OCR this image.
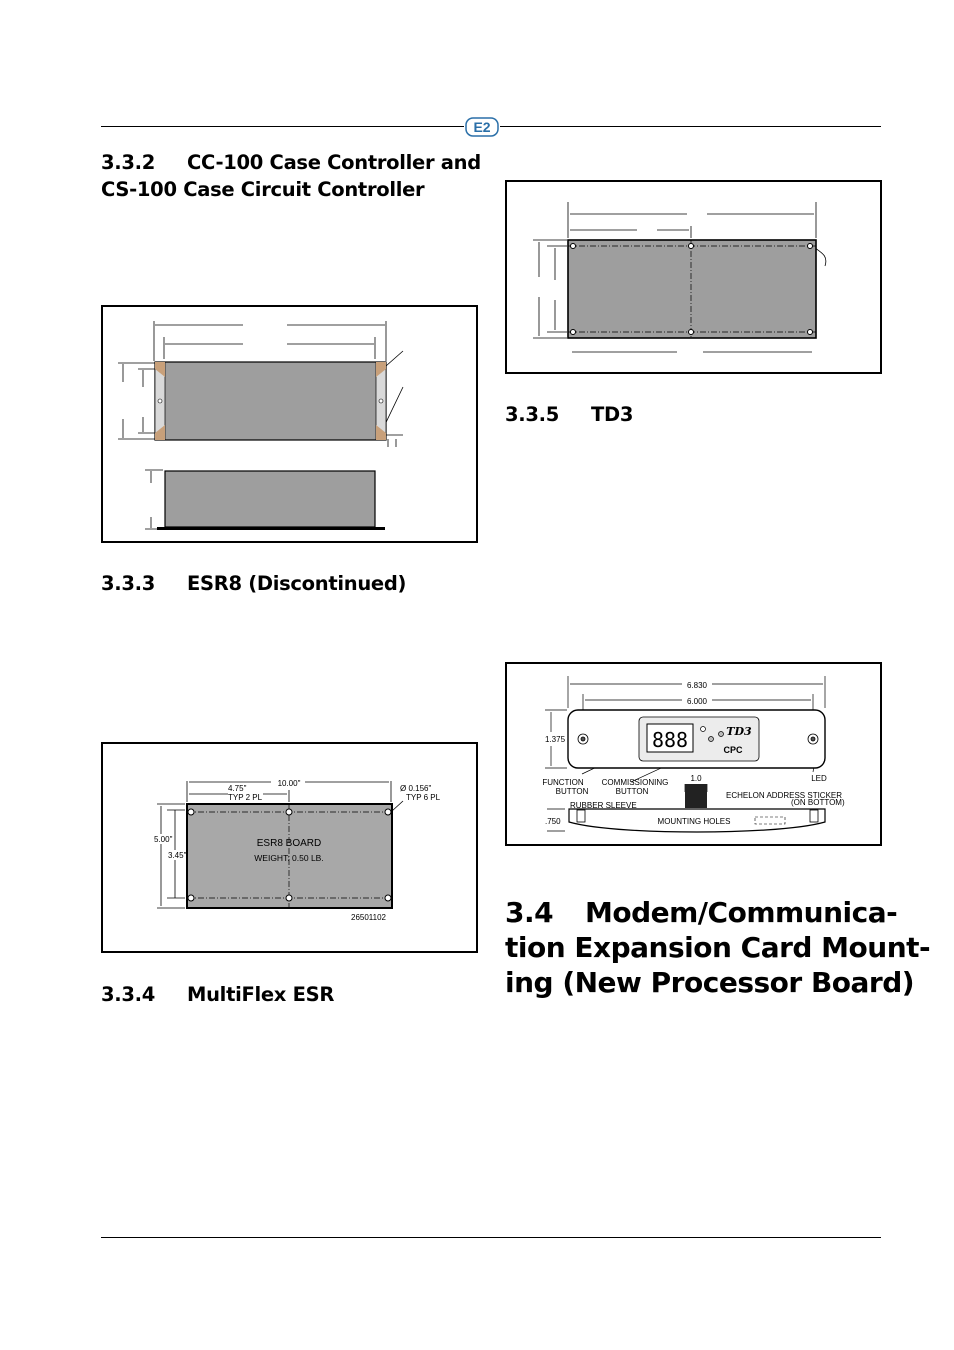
E2
3.3.2 CC-100 Case Controller and
CS-100 Case Circuit Controller
3.3.3 ESR8 (Discontinued)
10.00"
4.75"
TYP 2 PL
Ø 0.156"
TYP 6 PL
5.00"
3.45"
ESR8 BOARD
WEIGHT: 0.50 LB.
26501102
3.3.4 MultiFlex ESR
3.3.5 TD3
888	TD3
CPC
6.830
6.000
1.375
.750
1.0
FUNCTION
BUTTON
COMMISSIONING
BUTTON
LED
RUBBER SLEEVE
ECHELON ADDRESS STICKER
(ON BOTTOM)
MOUNTING HOLES
3.4 Modem/Communica-
tion Expansion Card Mount-
ing (New Processor Board)
